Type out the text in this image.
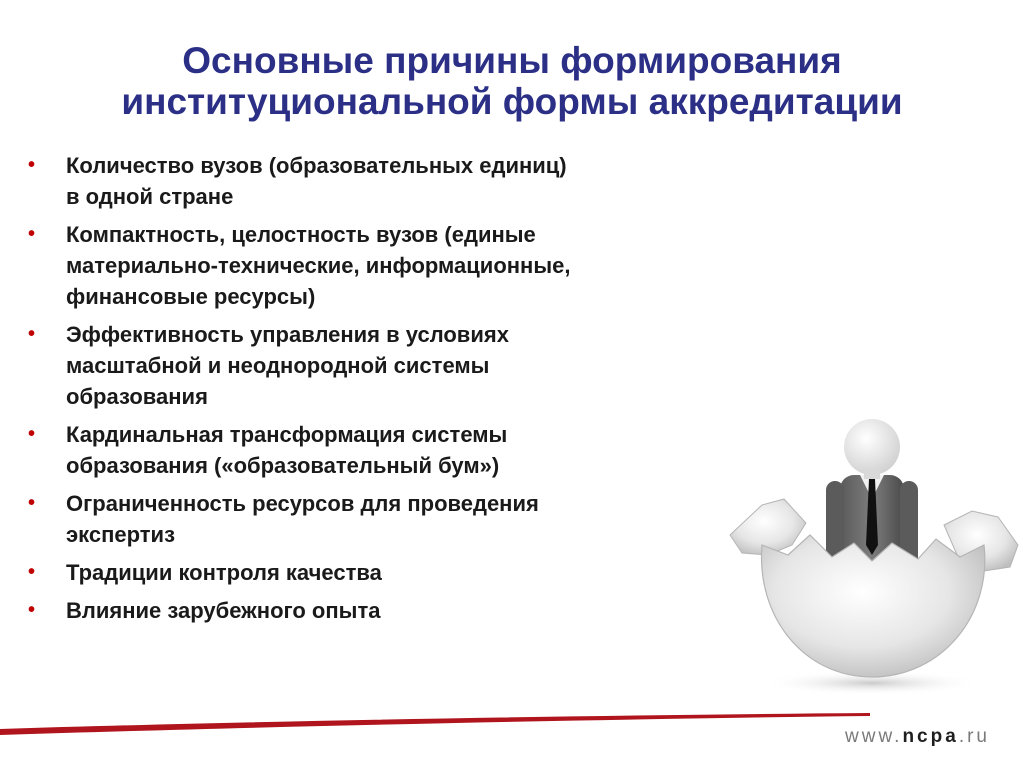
Основные причины формирования
институциональной формы аккредитации
• Количество вузов (образовательных единиц)
в одной стране
• Компактность, целостность вузов (единые
материально-технические, информационные,
финансовые ресурсы)
• Эффективность управления в условиях
масштабной и неоднородной системы
образования
• Кардинальная трансформация системы
образования («образовательный бум»)
• Ограниченность ресурсов для проведения
экспертиз
• Традиции контроля качества
• Влияние зарубежного опыта
www.ncpa.ru
